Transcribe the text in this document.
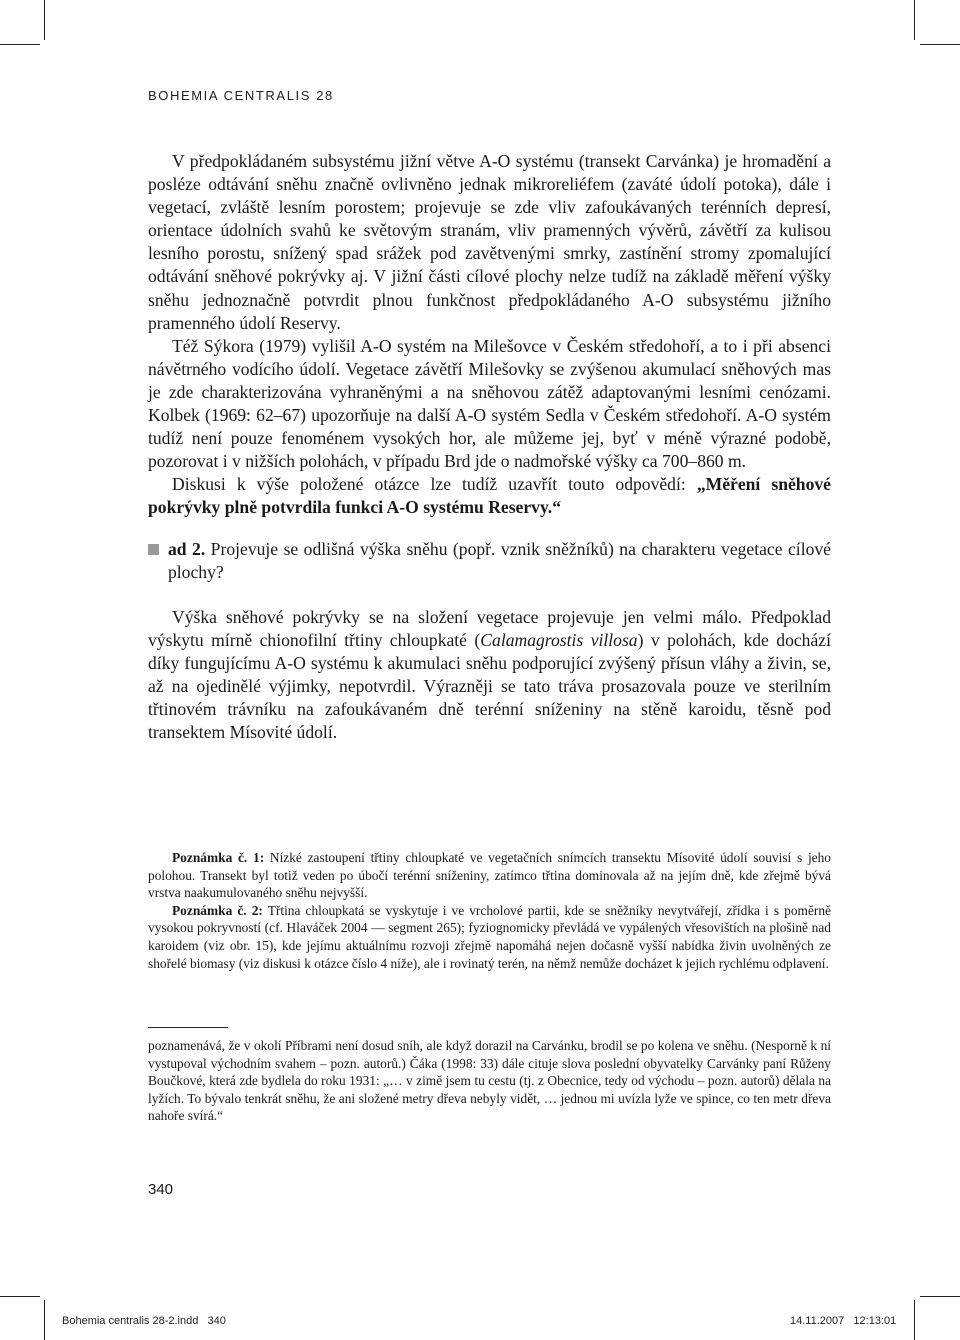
BOHEMIA CENTRALIS 28

V předpokládaném subsystému jižní větve A-O systému (transekt Carvánka) je hromadění a posléze odtávání sněhu značně ovlivněno jednak mikroreliéfem (zaváté údolí potoka), dále i vegetací, zvláště lesním porostem; projevuje se zde vliv zafoukávaných terénních depresí, orientace údolních svahů ke světovým stranám, vliv pramenných vývěrů, závětří za kulisou lesního porostu, snížený spad srážek pod zavětvenými smrky, zastínění stromy zpomalující odtávání sněhové pokrývky aj. V jižní části cílové plochy nelze tudíž na základě měření výšky sněhu jednoznačně potvrdit plnou funkčnost předpokládaného A-O subsystému jižního pramenného údolí Reservy.

Též Sýkora (1979) vylišil A-O systém na Milešovce v Českém středohoří, a to i při absenci návětrného vodícího údolí. Vegetace závětří Milešovky se zvýšenou akumulací sněhových mas je zde charakterizována vyhraněnými a na sněhovou zátěž adaptovanými lesními cenózami. Kolbek (1969: 62–67) upozorňuje na další A-O systém Sedla v Českém středohoří. A-O systém tudíž není pouze fenoménem vysokých hor, ale můžeme jej, byť v méně výrazné podobě, pozorovat i v nižších polohách, v případu Brd jde o nadmořské výšky ca 700–860 m.

Diskusi k výše položené otázce lze tudíž uzavřít touto odpovědí: „Měření sněhové pokrývky plně potvrdila funkci A-O systému Reservy.“

ad 2. Projevuje se odlišná výška sněhu (popř. vznik sněžníků) na charakteru vegetace cílové plochy?

Výška sněhové pokrývky se na složení vegetace projevuje jen velmi málo. Předpoklad výskytu mírně chionofilní třtiny chloupkaté (Calamagrostis villosa) v polohách, kde dochází díky fungujícímu A-O systému k akumulaci sněhu podporující zvýšený přísun vláhy a živin, se, až na ojedinělé výjimky, nepotvrdil. Výrazněji se tato tráva prosazovala pouze ve sterilním třtinovém trávníku na zafoukávaném dně terénní sníženiny na stěně karoidu, těsně pod transektem Mísovité údolí.

Poznámka č. 1: Nízké zastoupení třtiny chloupkaté ve vegetačních snímcích transektu Mísovité údolí souvisí s jeho polohou. Transekt byl totiž veden po úbočí terénní sníženiny, zatímco třtina dominovala až na jejím dně, kde zřejmě bývá vrstva naakumulovaného sněhu nejvyšší.

Poznámka č. 2: Třtina chloupkatá se vyskytuje i ve vrcholové partii, kde se sněžníky nevytvářejí, zřídka i s poměrně vysokou pokryvností (cf. Hlaváček 2004 — segment 265); fyziognomicky převládá ve vypálených vřesovištích na plošině nad karoidem (viz obr. 15), kde jejímu aktuálnímu rozvoji zřejmě napomáhá nejen dočasně vyšší nabídka živin uvolněných ze shořelé biomasy (viz diskusi k otázce číslo 4 níže), ale i rovinatý terén, na němž nemůže docházet k jejich rychlému odplavení.

poznamenává, že v okolí Příbrami není dosud sníh, ale když dorazil na Carvánku, brodil se po kolena ve sněhu. (Nesporně k ní vystupoval východním svahem – pozn. autorů.) Čáka (1998: 33) dále cituje slova poslední obyvatelky Carvánky paní Růženy Boučkové, která zde bydlela do roku 1931: „… v zimě jsem tu cestu (tj. z Obecnice, tedy od východu – pozn. autorů) dělala na lyžích. To bývalo tenkrát sněhu, že ani složené metry dřeva nebyly vidět, … jednou mi uvízla lyže ve spince, co ten metr dřeva nahoře svírá.“
340
Bohemia centralis 28-2.indd   340	14.11.2007   12:13:01
